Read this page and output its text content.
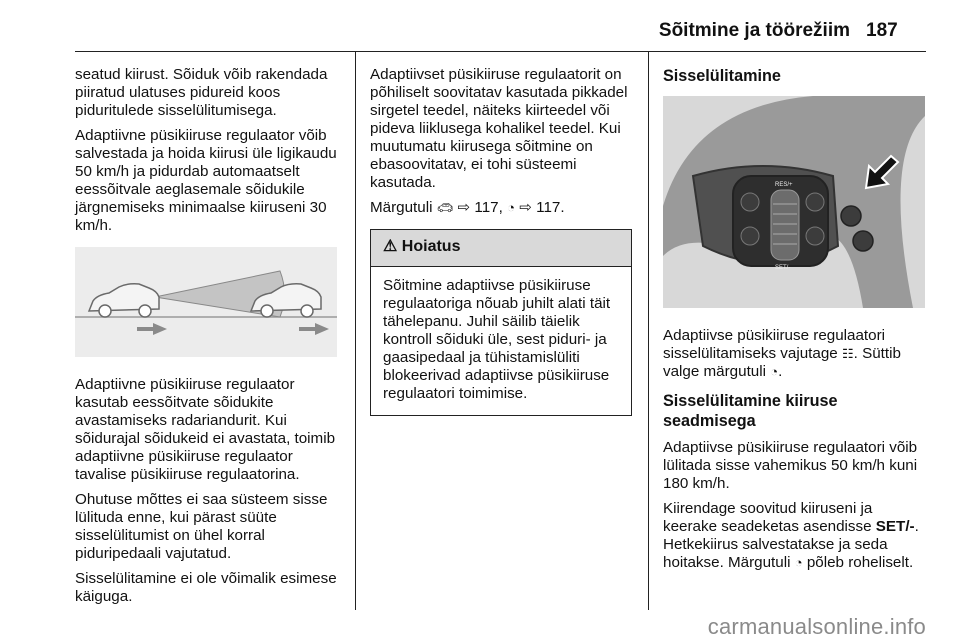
Sõitmine ja töörežiim 187

seatud kiirust. Sõiduk võib rakendada piiratud ulatuses pidureid koos piduritulede sisselülitumisega.

Adaptiivne püsikiiruse regulaator võib salvestada ja hoida kiirusi üle ligikaudu 50 km/h ja pidurdab automaatselt eessõitvale aeglasemale sõidukile järgnemiseks minimaalse kiiruseni 30 km/h.

Adaptiivne püsikiiruse regulaator kasutab eessõitvate sõidukite avastamiseks radariandurit. Kui sõidurajal sõidukeid ei avastata, toimib adaptiivne püsikiiruse regulaator tavalise püsikiiruse regulaatorina.

Ohutuse mõttes ei saa süsteem sisse lülituda enne, kui pärast süüte sisselülitumist on ühel korral piduripedaali vajutatud.

Sisselülitamine ei ole võimalik esimese käiguga.

Adaptiivset püsikiiruse regulaatorit on põhiliselt soovitatav kasutada pikkadel sirgetel teedel, näiteks kiirteedel või pideva liiklusega kohalikel teedel. Kui muutumatu kiirusega sõitmine on ebasoovitatav, ei tohi süsteemi kasutada.

Märgutuli 🚗︎ ⇨ 117, ◔ ⇨ 117.

⚠ Hoiatus
Sõitmine adaptiivse püsikiiruse regulaatoriga nõuab juhilt alati täit tähelepanu. Juhil säilib täielik kontroll sõiduki üle, sest piduri- ja gaasipedaal ja tühistamislüliti blokeerivad adaptiivse püsikiiruse regulaatori toimimise.
Sisselülitamine
RES/+
SET/-

Adaptiivse püsikiiruse regulaatori sisselülitamiseks vajutage ☷. Süttib valge märgutuli ◔.

Sisselülitamine kiiruse seadmisega

Adaptiivse püsikiiruse regulaatori võib lülitada sisse vahemikus 50 km/h kuni 180 km/h.

Kiirendage soovitud kiiruseni ja keerake seadeketas asendisse SET/-. Hetkekiirus salvestatakse ja seda hoitakse. Märgutuli ◔ põleb roheliselt.

carmanualsonline.info
